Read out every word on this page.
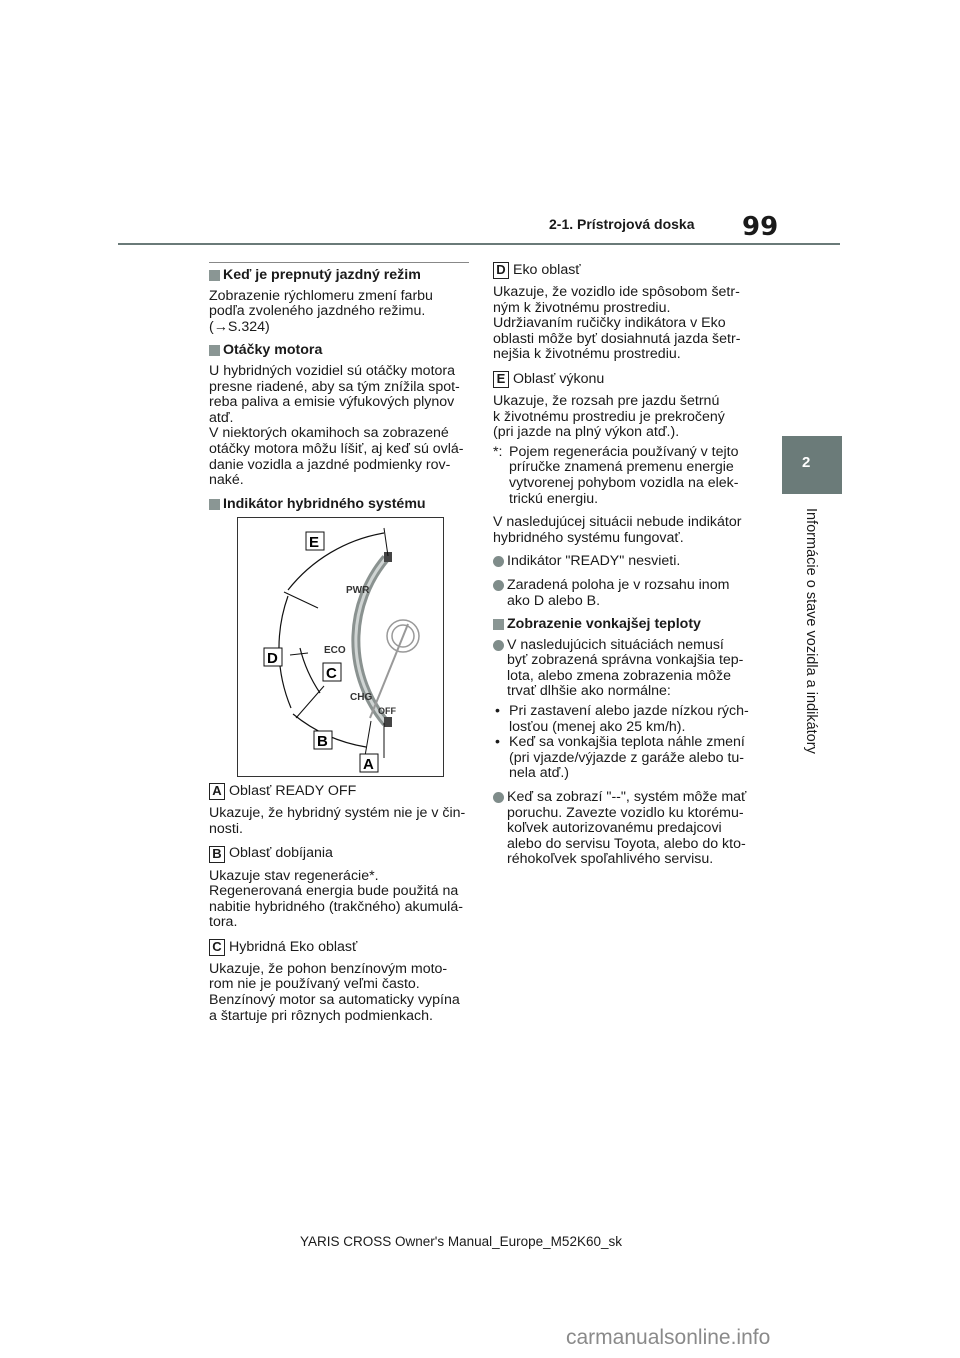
2-1. Prístrojová doska 99
2
Informácie o stave vozidla a indikátory
Keď je prepnutý jazdný režim

Zobrazenie rýchlomeru zmení farbu
podľa zvoleného jazdného režimu.
(→S.324)

Otáčky motora

U hybridných vozidiel sú otáčky motora
presne riadené, aby sa tým znížila spot-
reba paliva a emisie výfukových plynov
atď.
V niektorých okamihoch sa zobrazené
otáčky motora môžu líšiť, aj keď sú ovlá-
danie vozidla a jazdné podmienky rov-
naké.

Indikátor hybridného systému
PWR
ECO
CHG
OFF
E
D
C
B
A
A Oblasť READY OFF

Ukazuje, že hybridný systém nie je v čin-
nosti.

B Oblasť dobíjania

Ukazuje stav regenerácie*.
Regenerovaná energia bude použitá na
nabitie hybridného (trakčného) akumulá-
tora.

C Hybridná Eko oblasť

Ukazuje, že pohon benzínovým moto-
rom nie je používaný veľmi často.
Benzínový motor sa automaticky vypína
a štartuje pri rôznych podmienkach.

D Eko oblasť

Ukazuje, že vozidlo ide spôsobom šetr-
ným k životnému prostrediu.
Udržiavaním ručičky indikátora v Eko
oblasti môže byť dosiahnutá jazda šetr-
nejšia k životnému prostrediu.

E Oblasť výkonu

Ukazuje, že rozsah pre jazdu šetrnú
k životnému prostrediu je prekročený
(pri jazde na plný výkon atď.).

*: Pojem regenerácia používaný v tejto
príručke znamená premenu energie
vytvorenej pohybom vozidla na elek-
trickú energiu.

V nasledujúcej situácii nebude indikátor
hybridného systému fungovať.

Indikátor "READY" nesvieti.
Zaradená poloha je v rozsahu inom
ako D alebo B.
Zobrazenie vonkajšej teploty
V nasledujúcich situáciách nemusí
byť zobrazená správna vonkajšia tep-
lota, alebo zmena zobrazenia môže
trvať dlhšie ako normálne:
• Pri zastavení alebo jazde nízkou rých-
losťou (menej ako 25 km/h).
• Keď sa vonkajšia teplota náhle zmení
(pri vjazde/výjazde z garáže alebo tu-
nela atď.)
Keď sa zobrazí "--", systém môže mať
poruchu. Zavezte vozidlo ku ktorému-
koľvek autorizovanému predajcovi
alebo do servisu Toyota, alebo do kto-
réhokoľvek spoľahlivého servisu.
YARIS CROSS Owner's Manual_Europe_M52K60_sk
carmanualsonline.info
